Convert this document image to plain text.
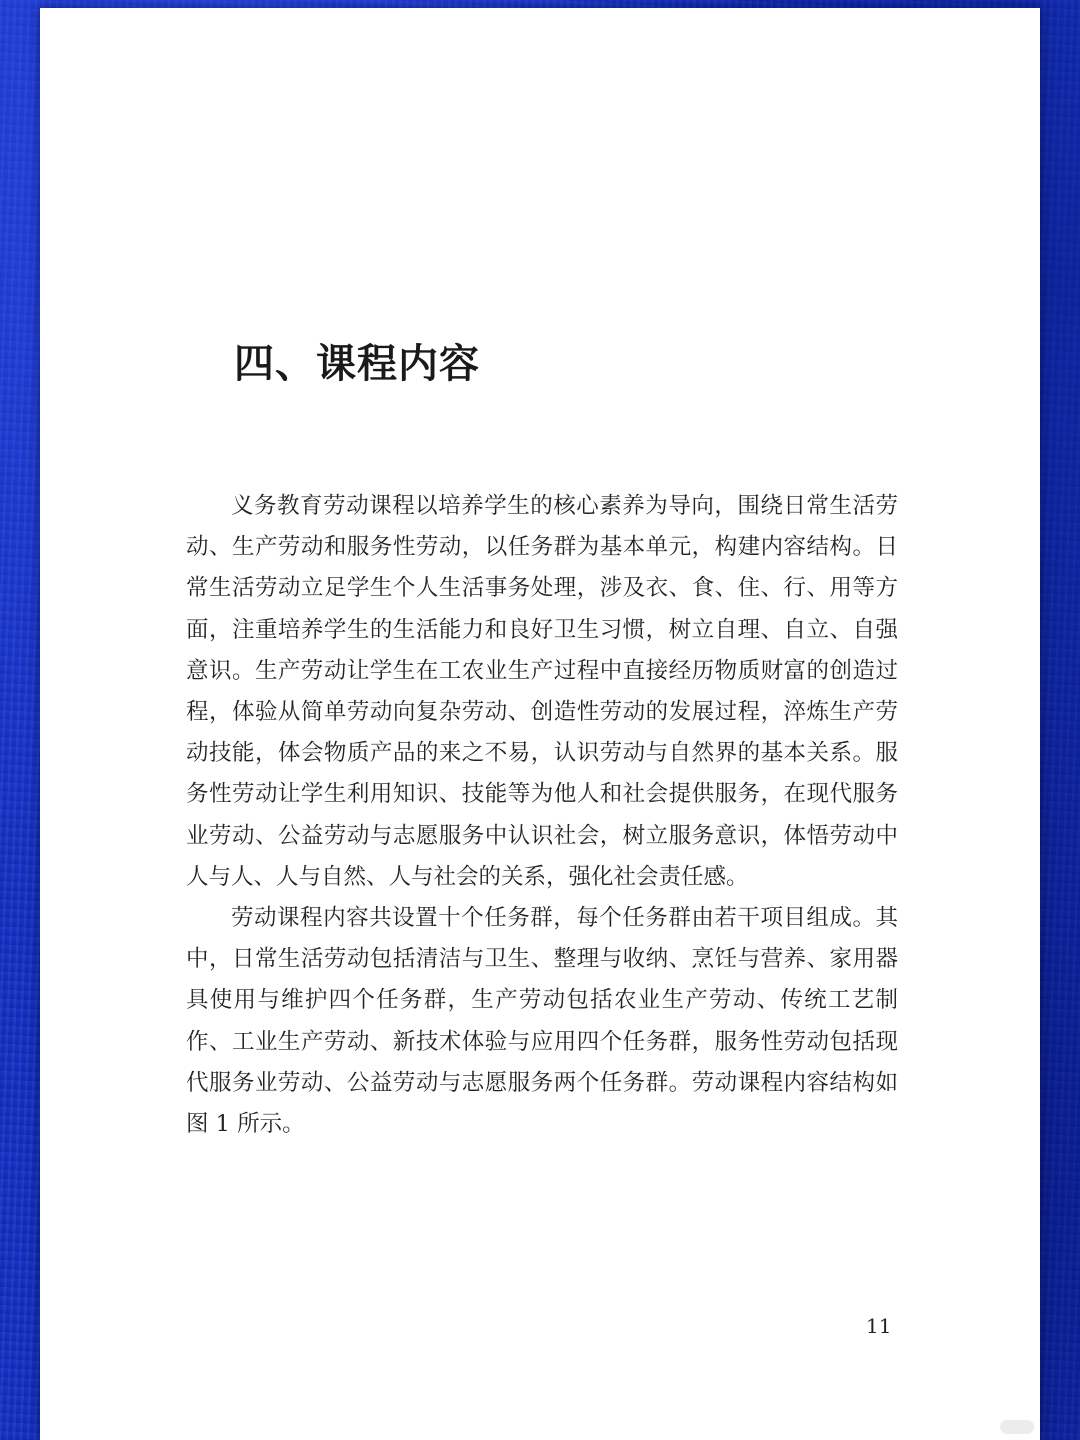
四、课程内容

义务教育劳动课程以培养学生的核心素养为导向，围绕日常生活劳动、生产劳动和服务性劳动，以任务群为基本单元，构建内容结构。日常生活劳动立足学生个人生活事务处理，涉及衣、食、住、行、用等方面，注重培养学生的生活能力和良好卫生习惯，树立自理、自立、自强意识。生产劳动让学生在工农业生产过程中直接经历物质财富的创造过程，体验从简单劳动向复杂劳动、创造性劳动的发展过程，淬炼生产劳动技能，体会物质产品的来之不易，认识劳动与自然界的基本关系。服务性劳动让学生利用知识、技能等为他人和社会提供服务，在现代服务业劳动、公益劳动与志愿服务中认识社会，树立服务意识，体悟劳动中人与人、人与自然、人与社会的关系，强化社会责任感。

劳动课程内容共设置十个任务群，每个任务群由若干项目组成。其中，日常生活劳动包括清洁与卫生、整理与收纳、烹饪与营养、家用器具使用与维护四个任务群，生产劳动包括农业生产劳动、传统工艺制作、工业生产劳动、新技术体验与应用四个任务群，服务性劳动包括现代服务业劳动、公益劳动与志愿服务两个任务群。劳动课程内容结构如图 1 所示。

11
